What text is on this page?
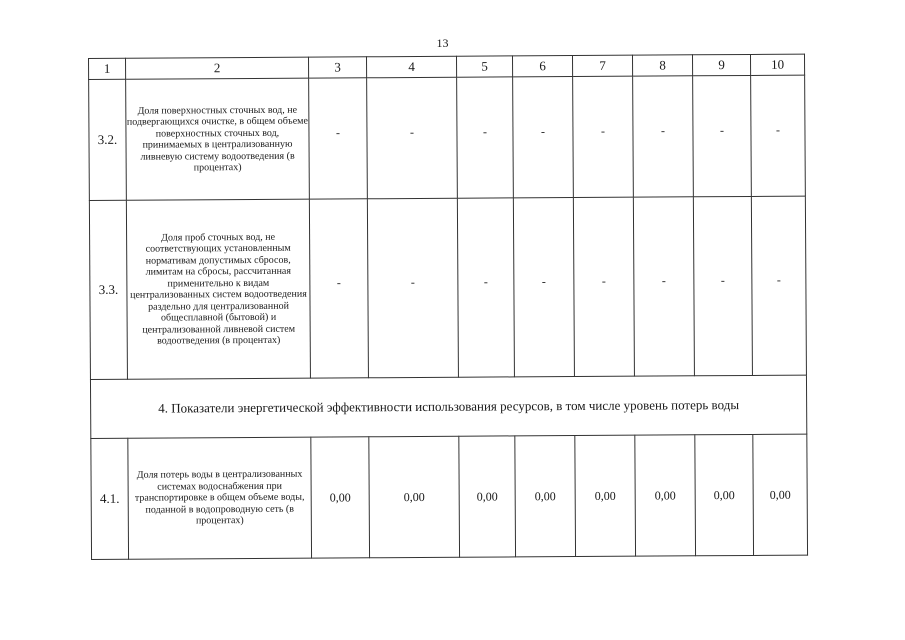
13
1	2	3	4	5	6	7	8	9	10
3.2.	Доля поверхностных сточных вод, не подвергающихся очистке, в общем объеме поверхностных сточных вод, принимаемых в централизованную ливневую систему водоотведения (в процентах)	-	-	-	-	-	-	-	-
3.3.	Доля проб сточных вод, не соответствующих установленным нормативам допустимых сбросов, лимитам на сбросы, рассчитанная применительно к видам централизованных систем водоотведения раздельно для централизованной общесплавной (бытовой) и централизованной ливневой систем водоотведения (в процентах)	-	-	-	-	-	-	-	-
4. Показатели энергетической эффективности использования ресурсов, в том числе уровень потерь воды									
4.1.	Доля потерь воды в централизованных системах водоснабжения при транспортировке в общем объеме воды, поданной в водопроводную сеть (в процентах)	0,00	0,00	0,00	0,00	0,00	0,00	0,00	0,00
